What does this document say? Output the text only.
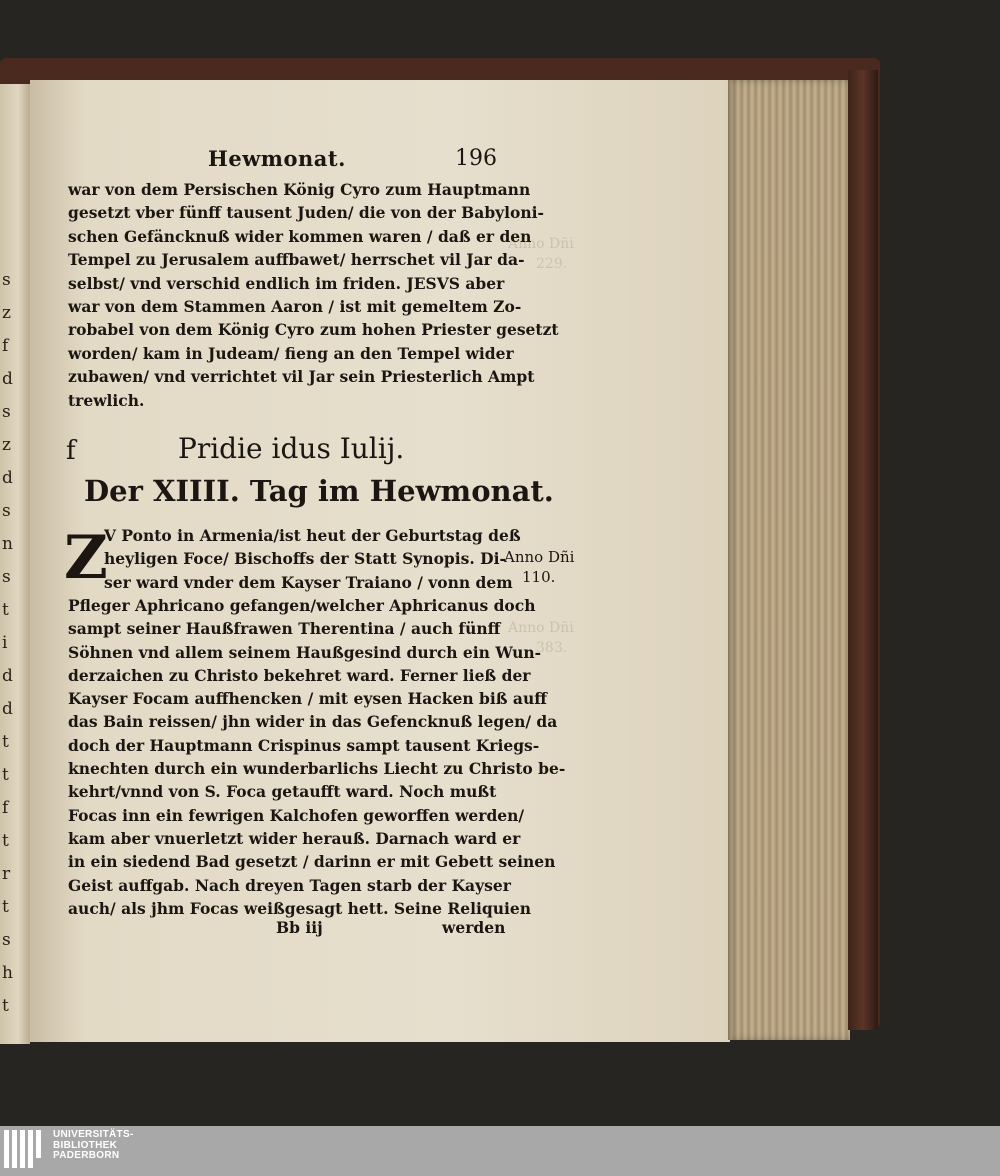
s
z
f
d
s
z
d
s
n
s
t
i
d
d
t
t
f
t
r
t
s
h
t
Anno Dñi
229.
Anno Dñi
383.
Hewmonat.	196
war von dem Persischen König Cyro zum Hauptmann
gesetzt vber fünff tausent Juden/ die von der Babyloni-
schen Gefäncknuß wider kommen waren / daß er den
Tempel zu Jerusalem auffbawet/ herrschet vil Jar da-
selbst/ vnd verschid endlich im friden. JESVS aber
war von dem Stammen Aaron / ist mit gemeltem Zo-
robabel von dem König Cyro zum hohen Priester gesetzt
worden/ kam in Judeam/ fieng an den Tempel wider
zubawen/ vnd verrichtet vil Jar sein Priesterlich Ampt
trewlich.
f	Pridie idus Iulij.
Der XIIII. Tag im Hewmonat.
Z
V Ponto in Armenia/ist heut der Geburtstag deß
heyligen Foce/ Bischoffs der Statt Synopis. Di-
ser ward vnder dem Kayser Traiano / vonn dem
Pfleger Aphricano gefangen/welcher Aphricanus doch
sampt seiner Haußfrawen Therentina / auch fünff
Söhnen vnd allem seinem Haußgesind durch ein Wun-
derzaichen zu Christo bekehret ward. Ferner ließ der
Kayser Focam auffhencken / mit eysen Hacken biß auff
das Bain reissen/ jhn wider in das Gefencknuß legen/ da
doch der Hauptmann Crispinus sampt tausent Kriegs-
knechten durch ein wunderbarlichs Liecht zu Christo be-
kehrt/vnnd von S. Foca getaufft ward. Noch mußt
Focas inn ein fewrigen Kalchofen geworffen werden/
kam aber vnuerletzt wider herauß. Darnach ward er
in ein siedend Bad gesetzt / darinn er mit Gebett seinen
Geist auffgab. Nach dreyen Tagen starb der Kayser
auch/ als jhm Focas weißgesagt hett. Seine Reliquien
Anno Dñi
110.
Bb iij	werden
UNIVERSITÄTS-
BIBLIOTHEK
PADERBORN
